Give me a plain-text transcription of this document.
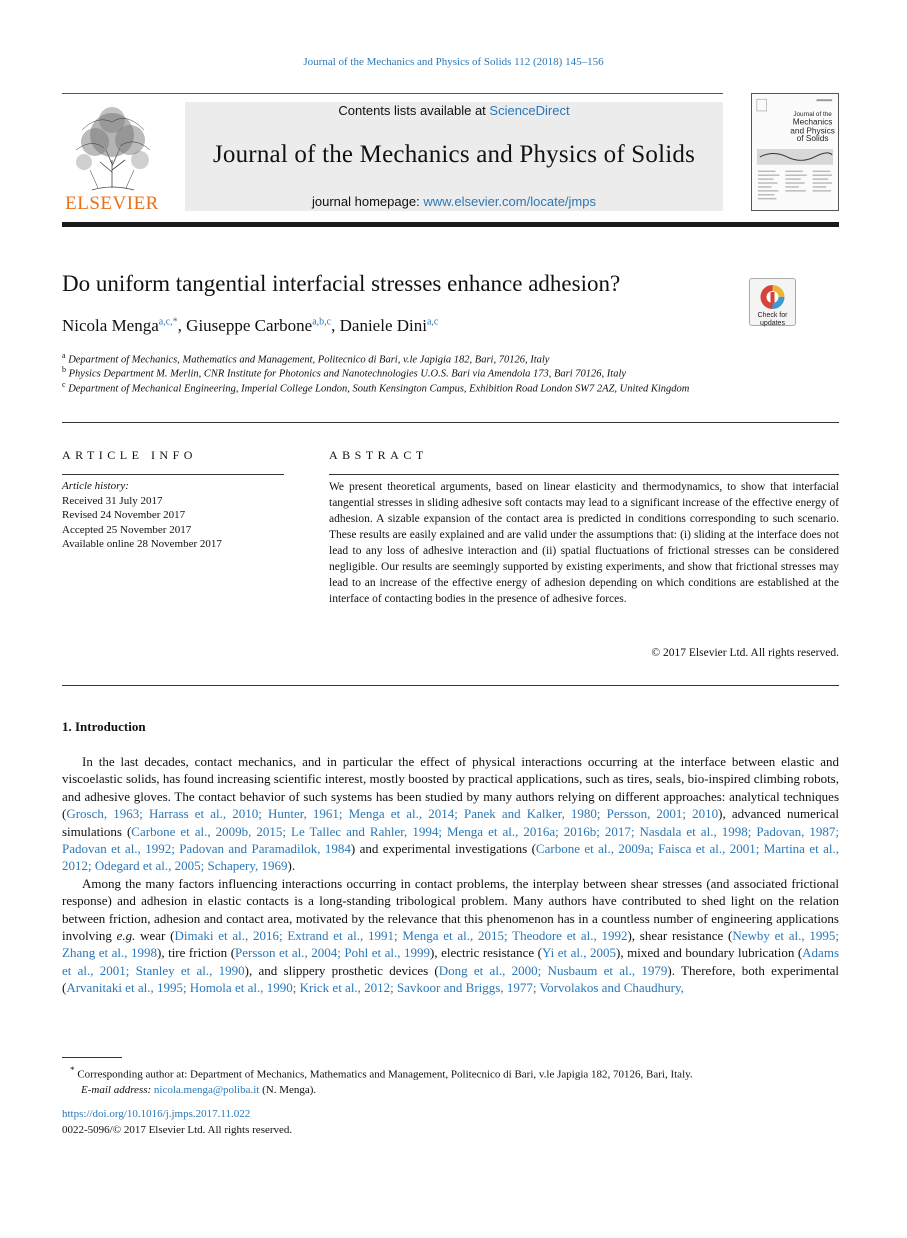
Journal of the Mechanics and Physics of Solids 112 (2018) 145–156
Contents lists available at ScienceDirect
Journal of the Mechanics and Physics of Solids
journal homepage: www.elsevier.com/locate/jmps
ELSEVIER
Journal of the
Mechanics
and Physics
of Solids
Do uniform tangential interfacial stresses enhance adhesion?
Check for updates
Nicola Menga$^{a,c,*}$, Giuseppe Carbone$^{a,b,c}$, Daniele Dini$^{a,c}$
$^a$ Department of Mechanics, Mathematics and Management, Politecnico di Bari, v.le Japigia 182, Bari, 70126, Italy
$^b$ Physics Department M. Merlin, CNR Institute for Photonics and Nanotechnologies U.O.S. Bari via Amendola 173, Bari 70126, Italy
$^c$ Department of Mechanical Engineering, Imperial College London, South Kensington Campus, Exhibition Road London SW7 2AZ, United Kingdom
ARTICLE INFO	ABSTRACT
Article history:
Received 31 July 2017
Revised 24 November 2017
Accepted 25 November 2017
Available online 28 November 2017
We present theoretical arguments, based on linear elasticity and thermodynamics, to show that interfacial tangential stresses in sliding adhesive soft contacts may lead to a significant increase of the effective energy of adhesion. A sizable expansion of the contact area is predicted in conditions corresponding to such scenario. These results are easily explained and are valid under the assumptions that: (i) sliding at the interface does not lead to any loss of adhesive interaction and (ii) spatial fluctuations of frictional stresses can be considered negligible. Our results are seemingly supported by existing experiments, and show that frictional stresses may lead to an increase of the effective energy of adhesion depending on which conditions are established at the interface of contacting bodies in the presence of adhesive forces.
© 2017 Elsevier Ltd. All rights reserved.
1. Introduction

In the last decades, contact mechanics, and in particular the effect of physical interactions occurring at the interface between elastic and viscoelastic solids, has found increasing scientific interest, mostly boosted by practical applications, such as tires, seals, bio-inspired climbing robots, and adhesive gloves. The contact behavior of such systems has been studied by many authors relying on different approaches: analytical techniques (Grosch, 1963; Harrass et al., 2010; Hunter, 1961; Menga et al., 2014; Panek and Kalker, 1980; Persson, 2001; 2010), advanced numerical simulations (Carbone et al., 2009b, 2015; Le Tallec and Rahler, 1994; Menga et al., 2016a; 2016b; 2017; Nasdala et al., 1998; Padovan, 1987; Padovan et al., 1992; Padovan and Paramadilok, 1984) and experimental investigations (Carbone et al., 2009a; Faisca et al., 2001; Martina et al., 2012; Odegard et al., 2005; Schapery, 1969).

Among the many factors influencing interactions occurring in contact problems, the interplay between shear stresses (and associated frictional response) and adhesion in elastic contacts is a long-standing tribological problem. Many authors have contributed to shed light on the relation between friction, adhesion and contact area, motivated by the relevance that this phenomenon has in a countless number of engineering applications involving e.g. wear (Dimaki et al., 2016; Extrand et al., 1991; Menga et al., 2015; Theodore et al., 1992), shear resistance (Newby et al., 1995; Zhang et al., 1998), tire friction (Persson et al., 2004; Pohl et al., 1999), electric resistance (Yi et al., 2005), mixed and boundary lubrication (Adams et al., 2001; Stanley et al., 1990), and slippery prosthetic devices (Dong et al., 2000; Nusbaum et al., 1979). Therefore, both experimental (Arvanitaki et al., 1995; Homola et al., 1990; Krick et al., 2012; Savkoor and Briggs, 1977; Vorvolakos and Chaudhury,

* Corresponding author at: Department of Mechanics, Mathematics and Management, Politecnico di Bari, v.le Japigia 182, 70126, Bari, Italy.
E-mail address: nicola.menga@poliba.it (N. Menga).
https://doi.org/10.1016/j.jmps.2017.11.022
0022-5096/© 2017 Elsevier Ltd. All rights reserved.
